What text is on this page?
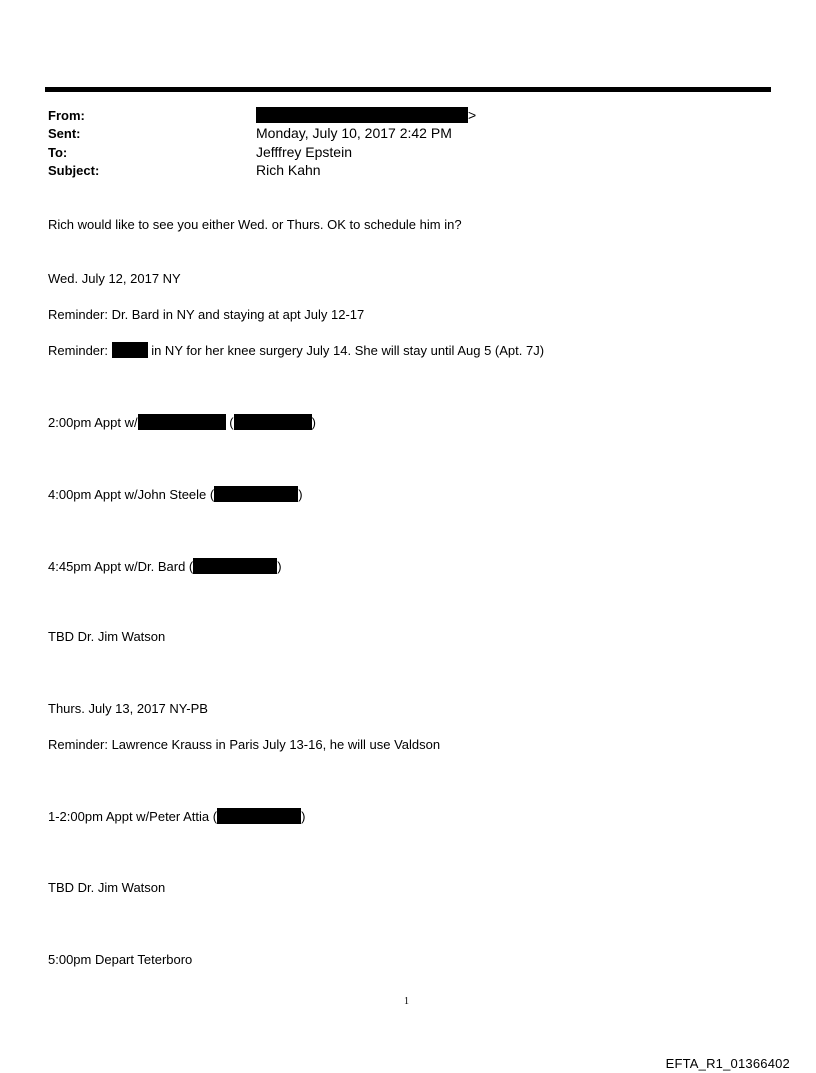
From:	>
Sent:	Monday, July 10, 2017 2:42 PM
To:	Jefffrey Epstein
Subject:	Rich Kahn
Rich would like to see you either Wed. or Thurs. OK to schedule him in?
Wed. July 12, 2017 NY
Reminder: Dr. Bard in NY and staying at apt July 12-17
Reminder:	in NY for her knee surgery July 14. She will stay until Aug 5 (Apt. 7J)
2:00pm Appt w/	(	)
4:00pm Appt w/John Steele (	)
4:45pm Appt w/Dr. Bard (	)
TBD Dr. Jim Watson
Thurs. July 13, 2017 NY-PB
Reminder: Lawrence Krauss in Paris July 13-16, he will use Valdson
1-2:00pm Appt w/Peter Attia (	)
TBD Dr. Jim Watson
5:00pm Depart Teterboro
1
EFTA_R1_01366402
